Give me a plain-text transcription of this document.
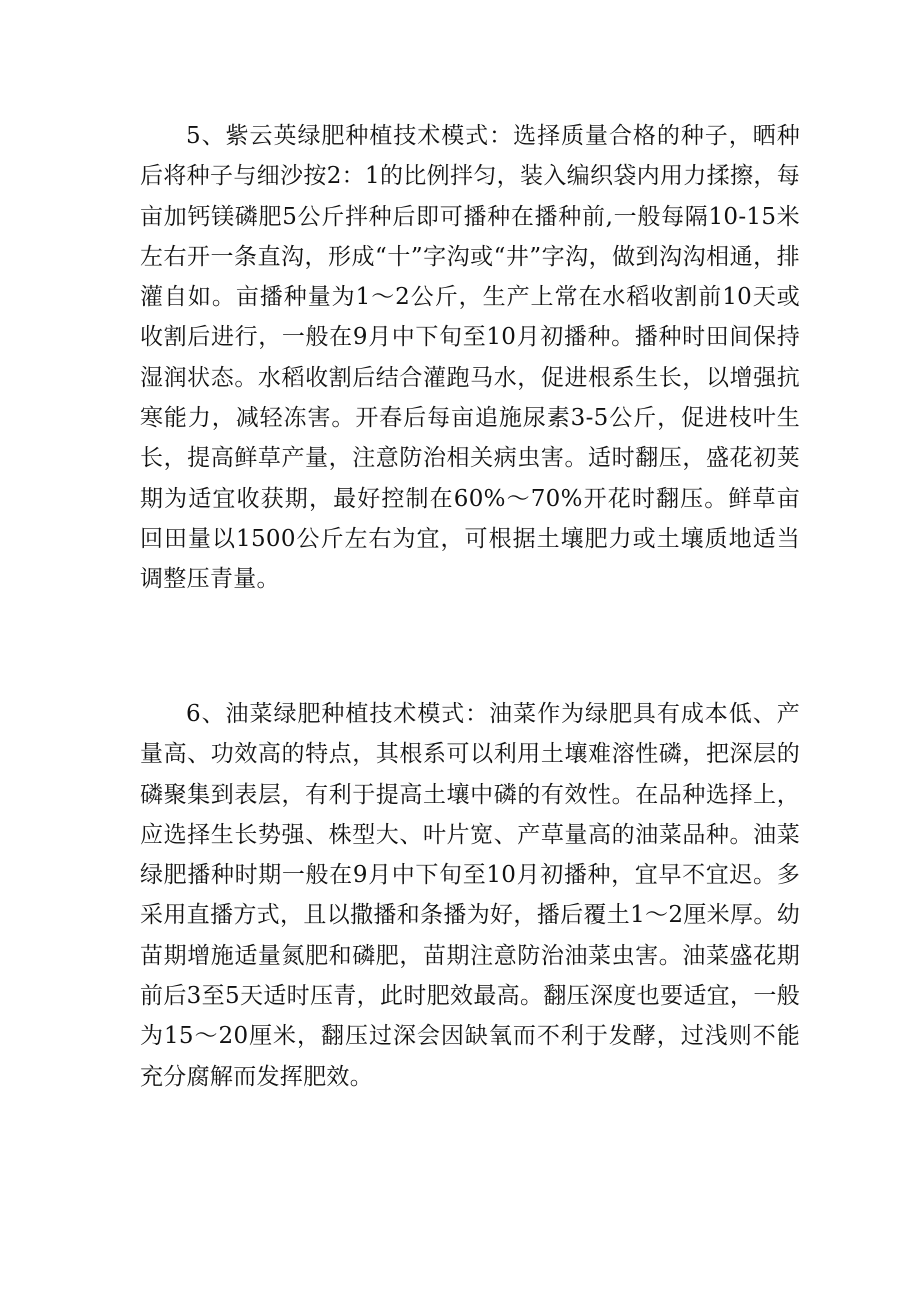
5、紫云英绿肥种植技术模式：选择质量合格的种子，晒种后将种子与细沙按2：1的比例拌匀，装入编织袋内用力揉擦，每亩加钙镁磷肥5公斤拌种后即可播种在播种前,一般每隔10-15米左右开一条直沟，形成“十”字沟或“井”字沟，做到沟沟相通，排灌自如。亩播种量为1～2公斤，生产上常在水稻收割前10天或收割后进行，一般在9月中下旬至10月初播种。播种时田间保持湿润状态。水稻收割后结合灌跑马水，促进根系生长，以增强抗寒能力，减轻冻害。开春后每亩追施尿素3-5公斤，促进枝叶生长，提高鲜草产量，注意防治相关病虫害。适时翻压，盛花初荚期为适宜收获期，最好控制在60%～70%开花时翻压。鲜草亩回田量以1500公斤左右为宜，可根据土壤肥力或土壤质地适当调整压青量。

6、油菜绿肥种植技术模式：油菜作为绿肥具有成本低、产量高、功效高的特点，其根系可以利用土壤难溶性磷，把深层的磷聚集到表层，有利于提高土壤中磷的有效性。在品种选择上，应选择生长势强、株型大、叶片宽、产草量高的油菜品种。油菜绿肥播种时期一般在9月中下旬至10月初播种，宜早不宜迟。多采用直播方式，且以撒播和条播为好，播后覆土1～2厘米厚。幼苗期增施适量氮肥和磷肥，苗期注意防治油菜虫害。油菜盛花期前后3至5天适时压青，此时肥效最高。翻压深度也要适宜，一般为15～20厘米，翻压过深会因缺氧而不利于发酵，过浅则不能充分腐解而发挥肥效。
